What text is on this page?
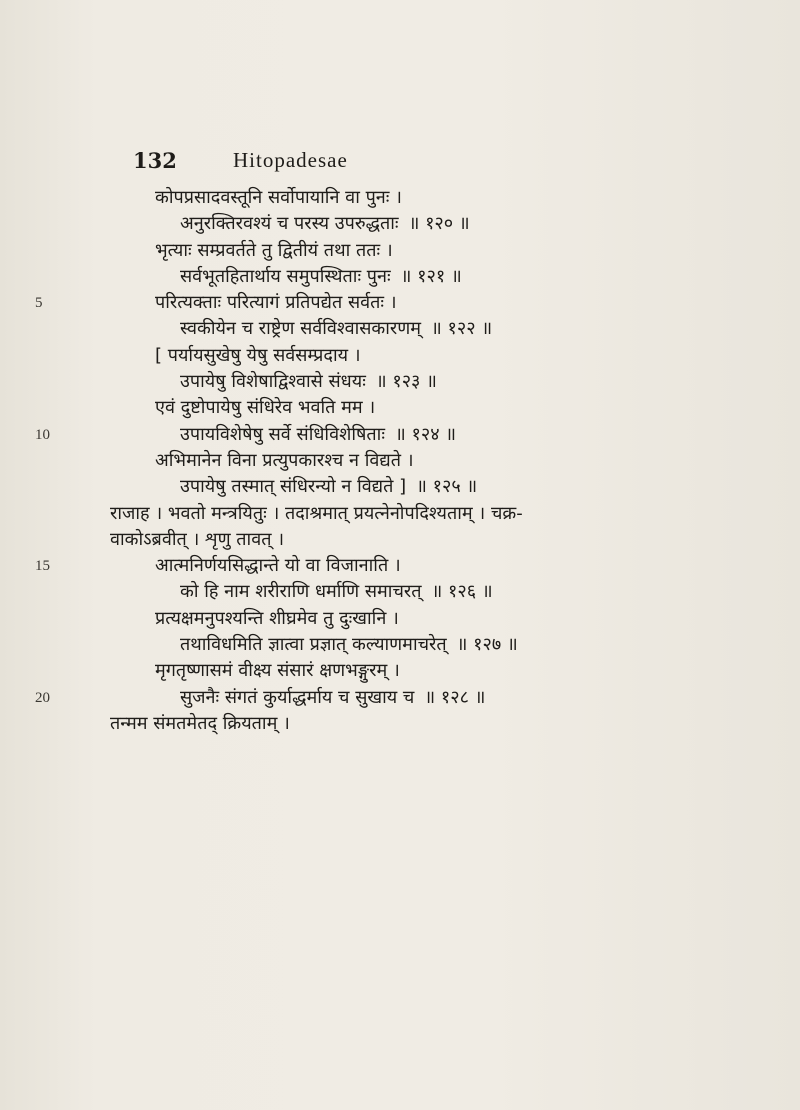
132	Hitopadesae
कोपप्रसादवस्तूनि सर्वोपायानि वा पुनः ।
अनुरक्तिरवश्यं च परस्य उपरुद्धताः ॥ १२० ॥
भृत्याः सम्प्रवर्तते तु द्वितीयं तथा ततः ।
सर्वभूतहितार्थाय समुपस्थिताः पुनः ॥ १२१ ॥
परित्यक्ताः परित्यागं प्रतिपद्येत सर्वतः ।
5
स्वकीयेन च राष्ट्रेण सर्वविश्वासकारणम् ॥ १२२ ॥
[ पर्यायसुखेषु येषु सर्वसम्प्रदाय ।
उपायेषु विशेषाद्विश्वासे संधयः ॥ १२३ ॥
एवं दुष्टोपायेषु संधिरेव भवति मम ।
उपायविशेषेषु सर्वे संधिविशेषिताः ॥ १२४ ॥
10
अभिमानेन विना प्रत्युपकारश्च न विद्यते ।
उपायेषु तस्मात् संधिरन्यो न विद्यते ] ॥ १२५ ॥
राजाह । भवतो मन्त्रयितुः । तदाश्रमात् प्रयत्नेनोपदिश्यताम् । चक्र-
वाकोऽब्रवीत् । शृणु तावत् ।
आत्मनिर्णयसिद्धान्ते यो वा विजानाति ।
15
को हि नाम शरीराणि धर्माणि समाचरत् ॥ १२६ ॥
प्रत्यक्षमनुपश्यन्ति शीघ्रमेव तु दुःखानि ।
तथाविधमिति ज्ञात्वा प्रज्ञात् कल्याणमाचरेत् ॥ १२७ ॥
मृगतृष्णासमं वीक्ष्य संसारं क्षणभङ्गुरम् ।
सुजनैः संगतं कुर्याद्धर्माय च सुखाय च ॥ १२८ ॥
20
तन्मम संमतमेतद् क्रियताम् ।
